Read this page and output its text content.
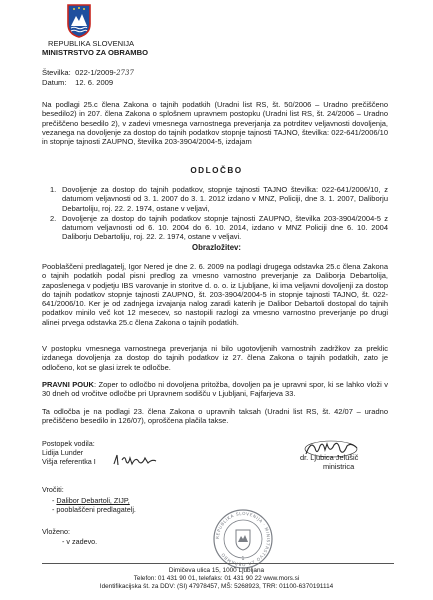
REPUBLIKA SLOVENIJA
MINISTRSTVO ZA OBRAMBO
Številka: 022-1/2009-2737
Datum: 12. 6. 2009

Na podlagi 25.c člena Zakona o tajnih podatkih (Uradni list RS, št. 50/2006 – Uradno prečiščeno besedilo2) in 207. člena Zakona o splošnem upravnem postopku (Uradni list RS, št. 24/2006 – Uradno prečiščeno besedilo 2), v zadevi vmesnega varnostnega preverjanja za potrditev veljavnosti dovoljenja, vezanega na dovoljenje za dostop do tajnih podatkov stopnje tajnosti TAJNO, številka: 022-641/2006/10 in stopnje tajnosti ZAUPNO, številka 203-3904/2004-5, izdajam

ODLOČBO
1. Dovoljenje za dostop do tajnih podatkov, stopnje tajnosti TAJNO številka: 022-641/2006/10, z datumom veljavnosti od 3. 1. 2007 do 3. 1. 2012 izdano v MNZ, Policiji, dne 3. 1. 2007, Daliborju Debartoliju, roj. 22. 2. 1974, ostane v veljavi,
2. Dovoljenje za dostop do tajnih podatkov stopnje tajnosti ZAUPNO, številka 203-3904/2004-5 z datumom veljavnosti od 6. 10. 2004 do 6. 10. 2014, izdano v MNZ Policiji dne 6. 10. 2004 Daliborju Debartoliju, roj. 22. 2. 1974, ostane v veljavi.
Obrazložitev:

Pooblaščeni predlagatelj, Igor Nered je dne 2. 6. 2009 na podlagi drugega odstavka 25.c člena Zakona o tajnih podatkih podal pisni predlog za vmesno varnostno preverjanje za Daliborja Debartolija, zaposlenega v podjetju IBS varovanje in storitve d. o. o. iz Ljubljane, ki ima veljavni dovoljenji za dostop do tajnih podatkov stopnje tajnosti ZAUPNO, št. 203-3904/2004-5 in stopnje tajnosti TAJNO, št. 022-641/2006/10. Ker je od zadnjega izvajanja nalog zaradi katerih je Dalibor Debartoli dostopal do tajnih podatkov minilo več kot 12 mesecev, so nastopili razlogi za vmesno varnostno preverjanje po drugi alinei prvega odstavka 25.c člena Zakona o tajnih podatkih.

V postopku vmesnega varnostnega preverjanja ni bilo ugotovljenih varnostnih zadržkov za preklic izdanega dovoljenja za dostop do tajnih podatkov iz 27. člena Zakona o tajnih podatkih, zato je odločeno, kot se glasi izrek te odločbe.

PRAVNI POUK: Zoper to odločbo ni dovoljena pritožba, dovoljen pa je upravni spor, ki se lahko vloži v 30 dneh od vročitve odločbe pri Upravnem sodišču v Ljubljani, Fajfarjeva 33.

Ta odločba je na podlagi 23. člena Zakona o upravnih taksah (Uradni list RS, št. 42/07 – uradno prečiščeno besedilo in 126/07), oproščena plačila takse.

Postopek vodila:
Lidija Lunder
Višja referentka I	dr. Ljubica Jelušič
ministrica
Vročiti:
- Dalibor Debartoli, ZIJP,
- pooblaščeni predlagatelj.
Vloženo:
- v zadevo.	REPUBLIKA SLOVENIJA · MINISTRSTVO ZA OBRAMBO
1
Dimičeva ulica 15, 1000 Ljubljana
Telefon: 01 431 90 01, telefaks: 01 431 90 22 www.mors.si
Identifikacijska št. za DDV: (SI) 47978457, MŠ: 5268923, TRR: 01100-6370191114
